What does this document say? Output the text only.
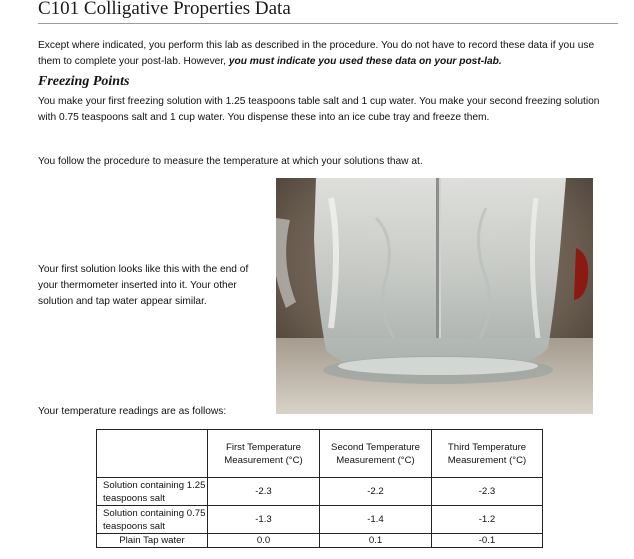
C101 Colligative Properties Data
Except where indicated, you perform this lab as described in the procedure. You do not have to record these data if you use them to complete your post-lab. However, you must indicate you used these data on your post-lab.
Freezing Points
You make your first freezing solution with 1.25 teaspoons table salt and 1 cup water. You make your second freezing solution with 0.75 teaspoons salt and 1 cup water. You dispense these into an ice cube tray and freeze them.
You follow the procedure to measure the temperature at which your solutions thaw at.
Your first solution looks like this with the end of your thermometer inserted into it. Your other solution and tap water appear similar.
Your temperature readings are as follows:
	First Temperature Measurement (°C)	Second Temperature Measurement (°C)	Third Temperature Measurement (°C)
Solution containing 1.25 teaspoons salt	-2.3	-2.2	-2.3
Solution containing 0.75 teaspoons salt	-1.3	-1.4	-1.2
Plain Tap water	0.0	0.1	-0.1
